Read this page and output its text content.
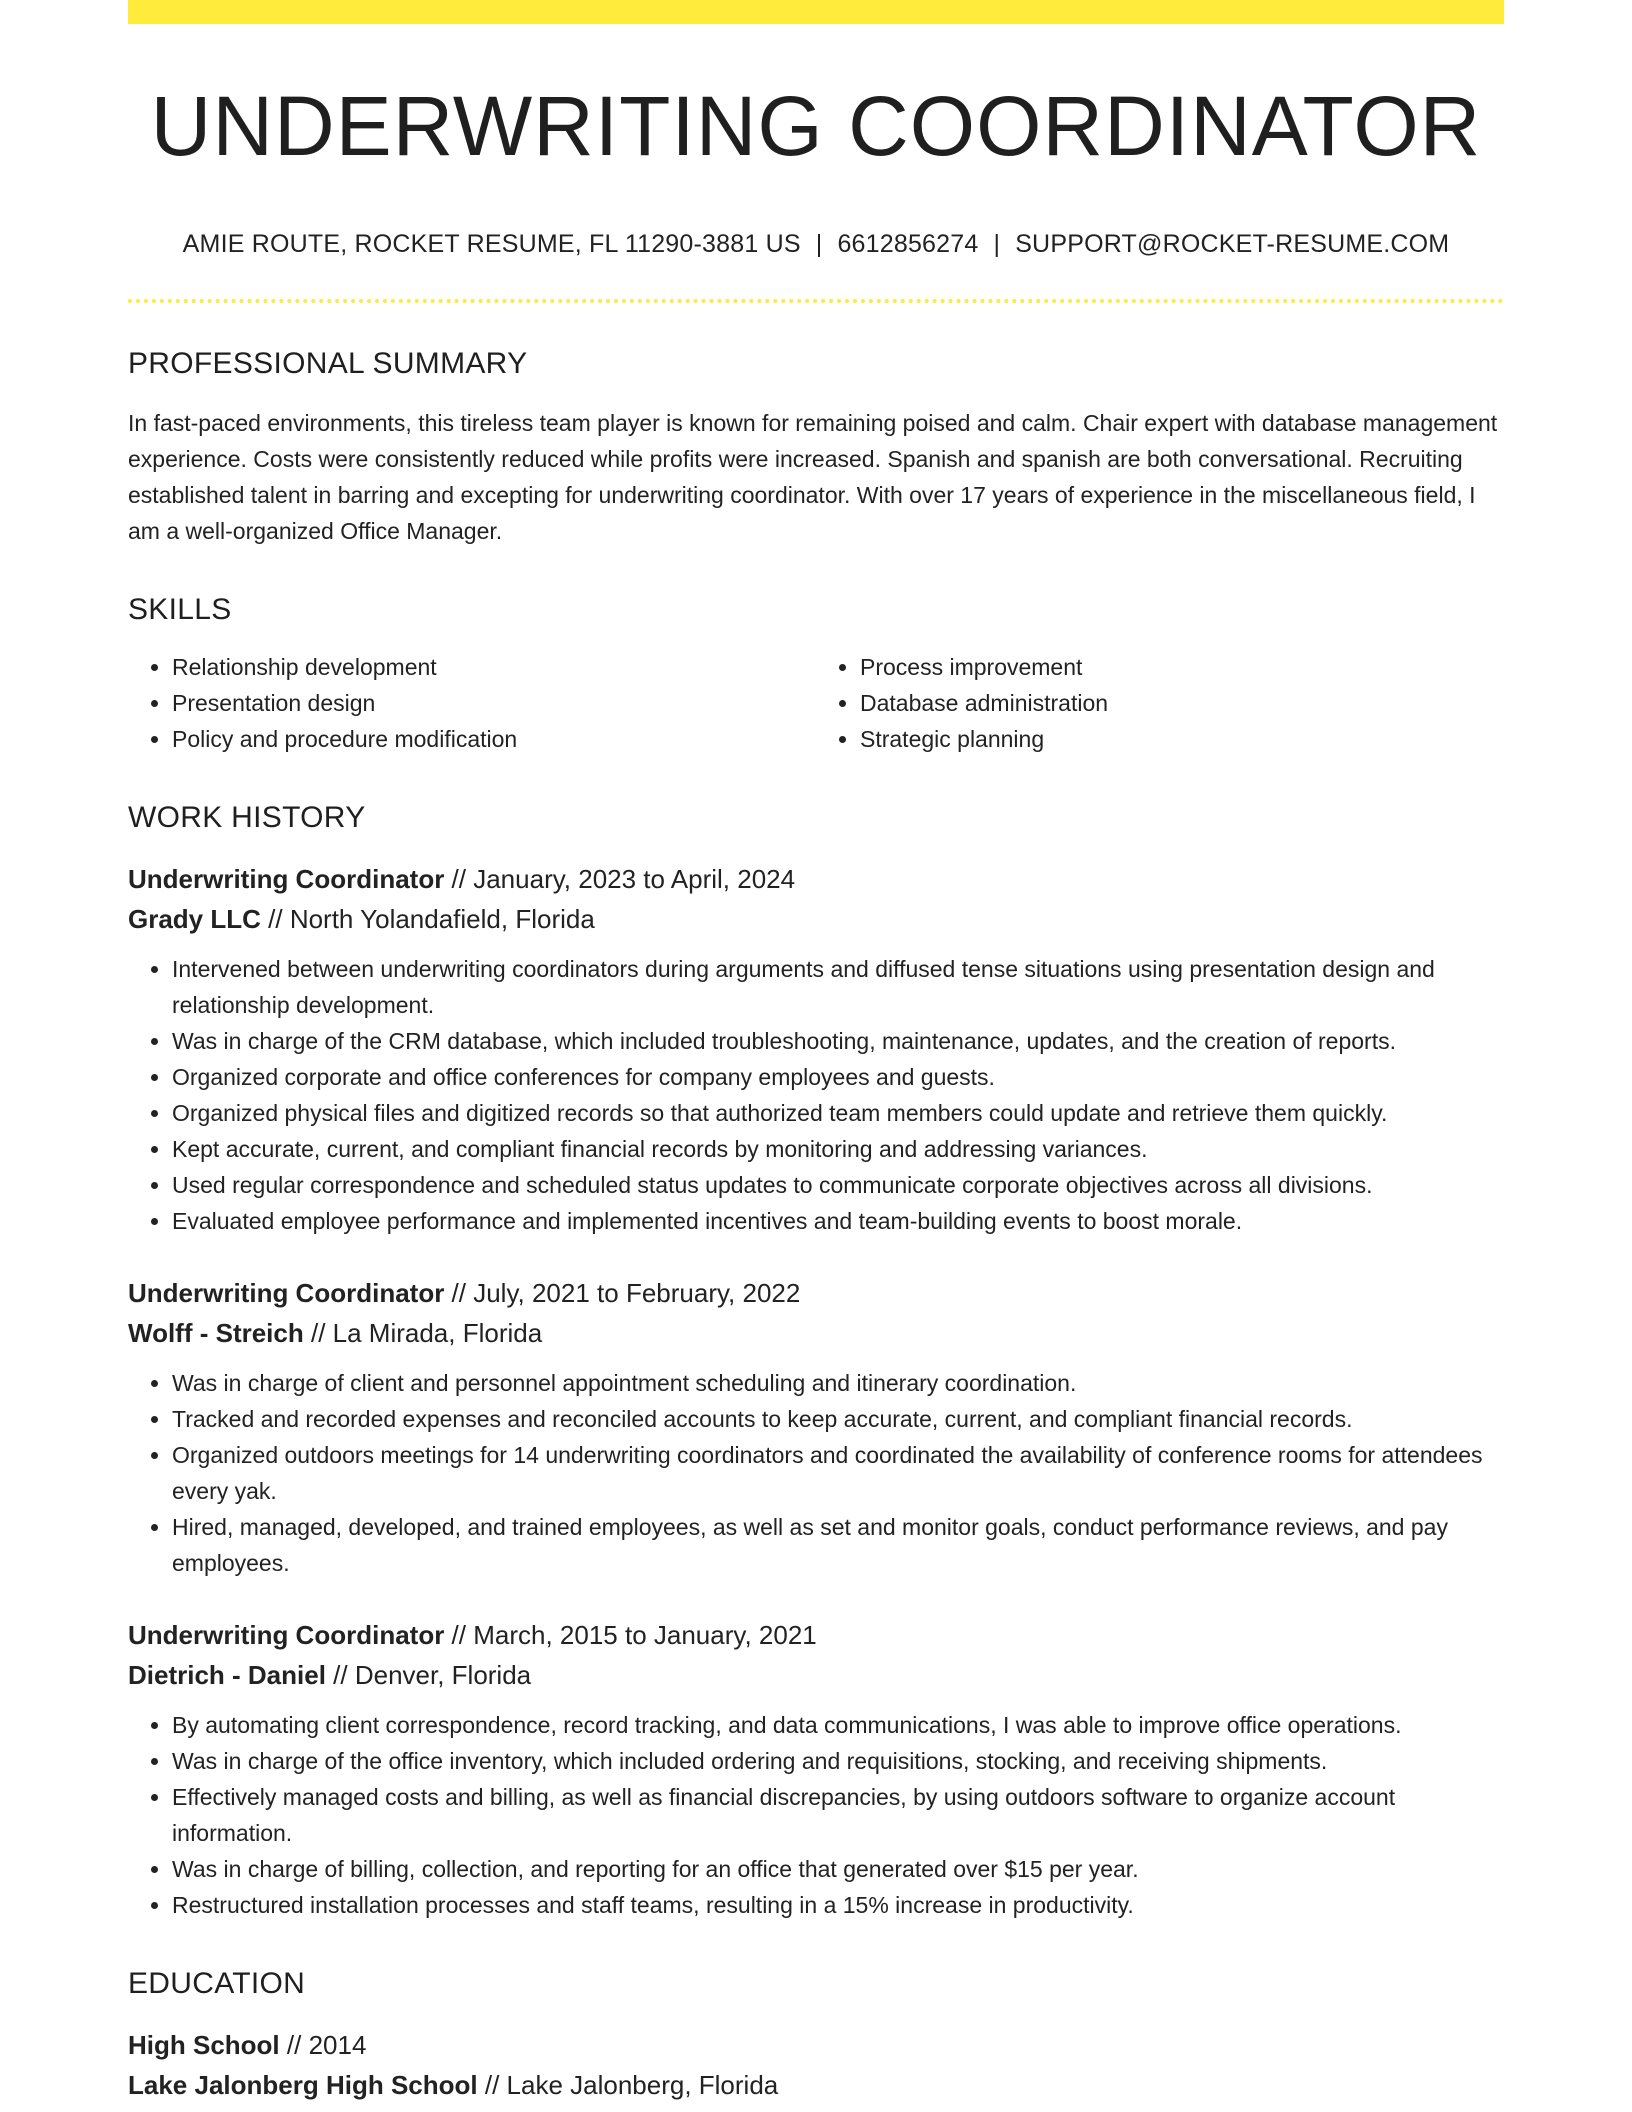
UNDERWRITING COORDINATOR
AMIE ROUTE, ROCKET RESUME, FL 11290-3881 US | 6612856274 | SUPPORT@ROCKET-RESUME.COM
PROFESSIONAL SUMMARY
In fast-paced environments, this tireless team player is known for remaining poised and calm. Chair expert with database management experience. Costs were consistently reduced while profits were increased. Spanish and spanish are both conversational. Recruiting established talent in barring and excepting for underwriting coordinator. With over 17 years of experience in the miscellaneous field, I am a well-organized Office Manager.
SKILLS
• Relationship development
• Presentation design
• Policy and procedure modification
• Process improvement
• Database administration
• Strategic planning
WORK HISTORY
Underwriting Coordinator // January, 2023 to April, 2024
Grady LLC // North Yolandafield, Florida
• Intervened between underwriting coordinators during arguments and diffused tense situations using presentation design and relationship development.
• Was in charge of the CRM database, which included troubleshooting, maintenance, updates, and the creation of reports.
• Organized corporate and office conferences for company employees and guests.
• Organized physical files and digitized records so that authorized team members could update and retrieve them quickly.
• Kept accurate, current, and compliant financial records by monitoring and addressing variances.
• Used regular correspondence and scheduled status updates to communicate corporate objectives across all divisions.
• Evaluated employee performance and implemented incentives and team-building events to boost morale.
Underwriting Coordinator // July, 2021 to February, 2022
Wolff - Streich // La Mirada, Florida
• Was in charge of client and personnel appointment scheduling and itinerary coordination.
• Tracked and recorded expenses and reconciled accounts to keep accurate, current, and compliant financial records.
• Organized outdoors meetings for 14 underwriting coordinators and coordinated the availability of conference rooms for attendees every yak.
• Hired, managed, developed, and trained employees, as well as set and monitor goals, conduct performance reviews, and pay employees.
Underwriting Coordinator // March, 2015 to January, 2021
Dietrich - Daniel // Denver, Florida
• By automating client correspondence, record tracking, and data communications, I was able to improve office operations.
• Was in charge of the office inventory, which included ordering and requisitions, stocking, and receiving shipments.
• Effectively managed costs and billing, as well as financial discrepancies, by using outdoors software to organize account information.
• Was in charge of billing, collection, and reporting for an office that generated over $15 per year.
• Restructured installation processes and staff teams, resulting in a 15% increase in productivity.
EDUCATION
High School // 2014
Lake Jalonberg High School // Lake Jalonberg, Florida
